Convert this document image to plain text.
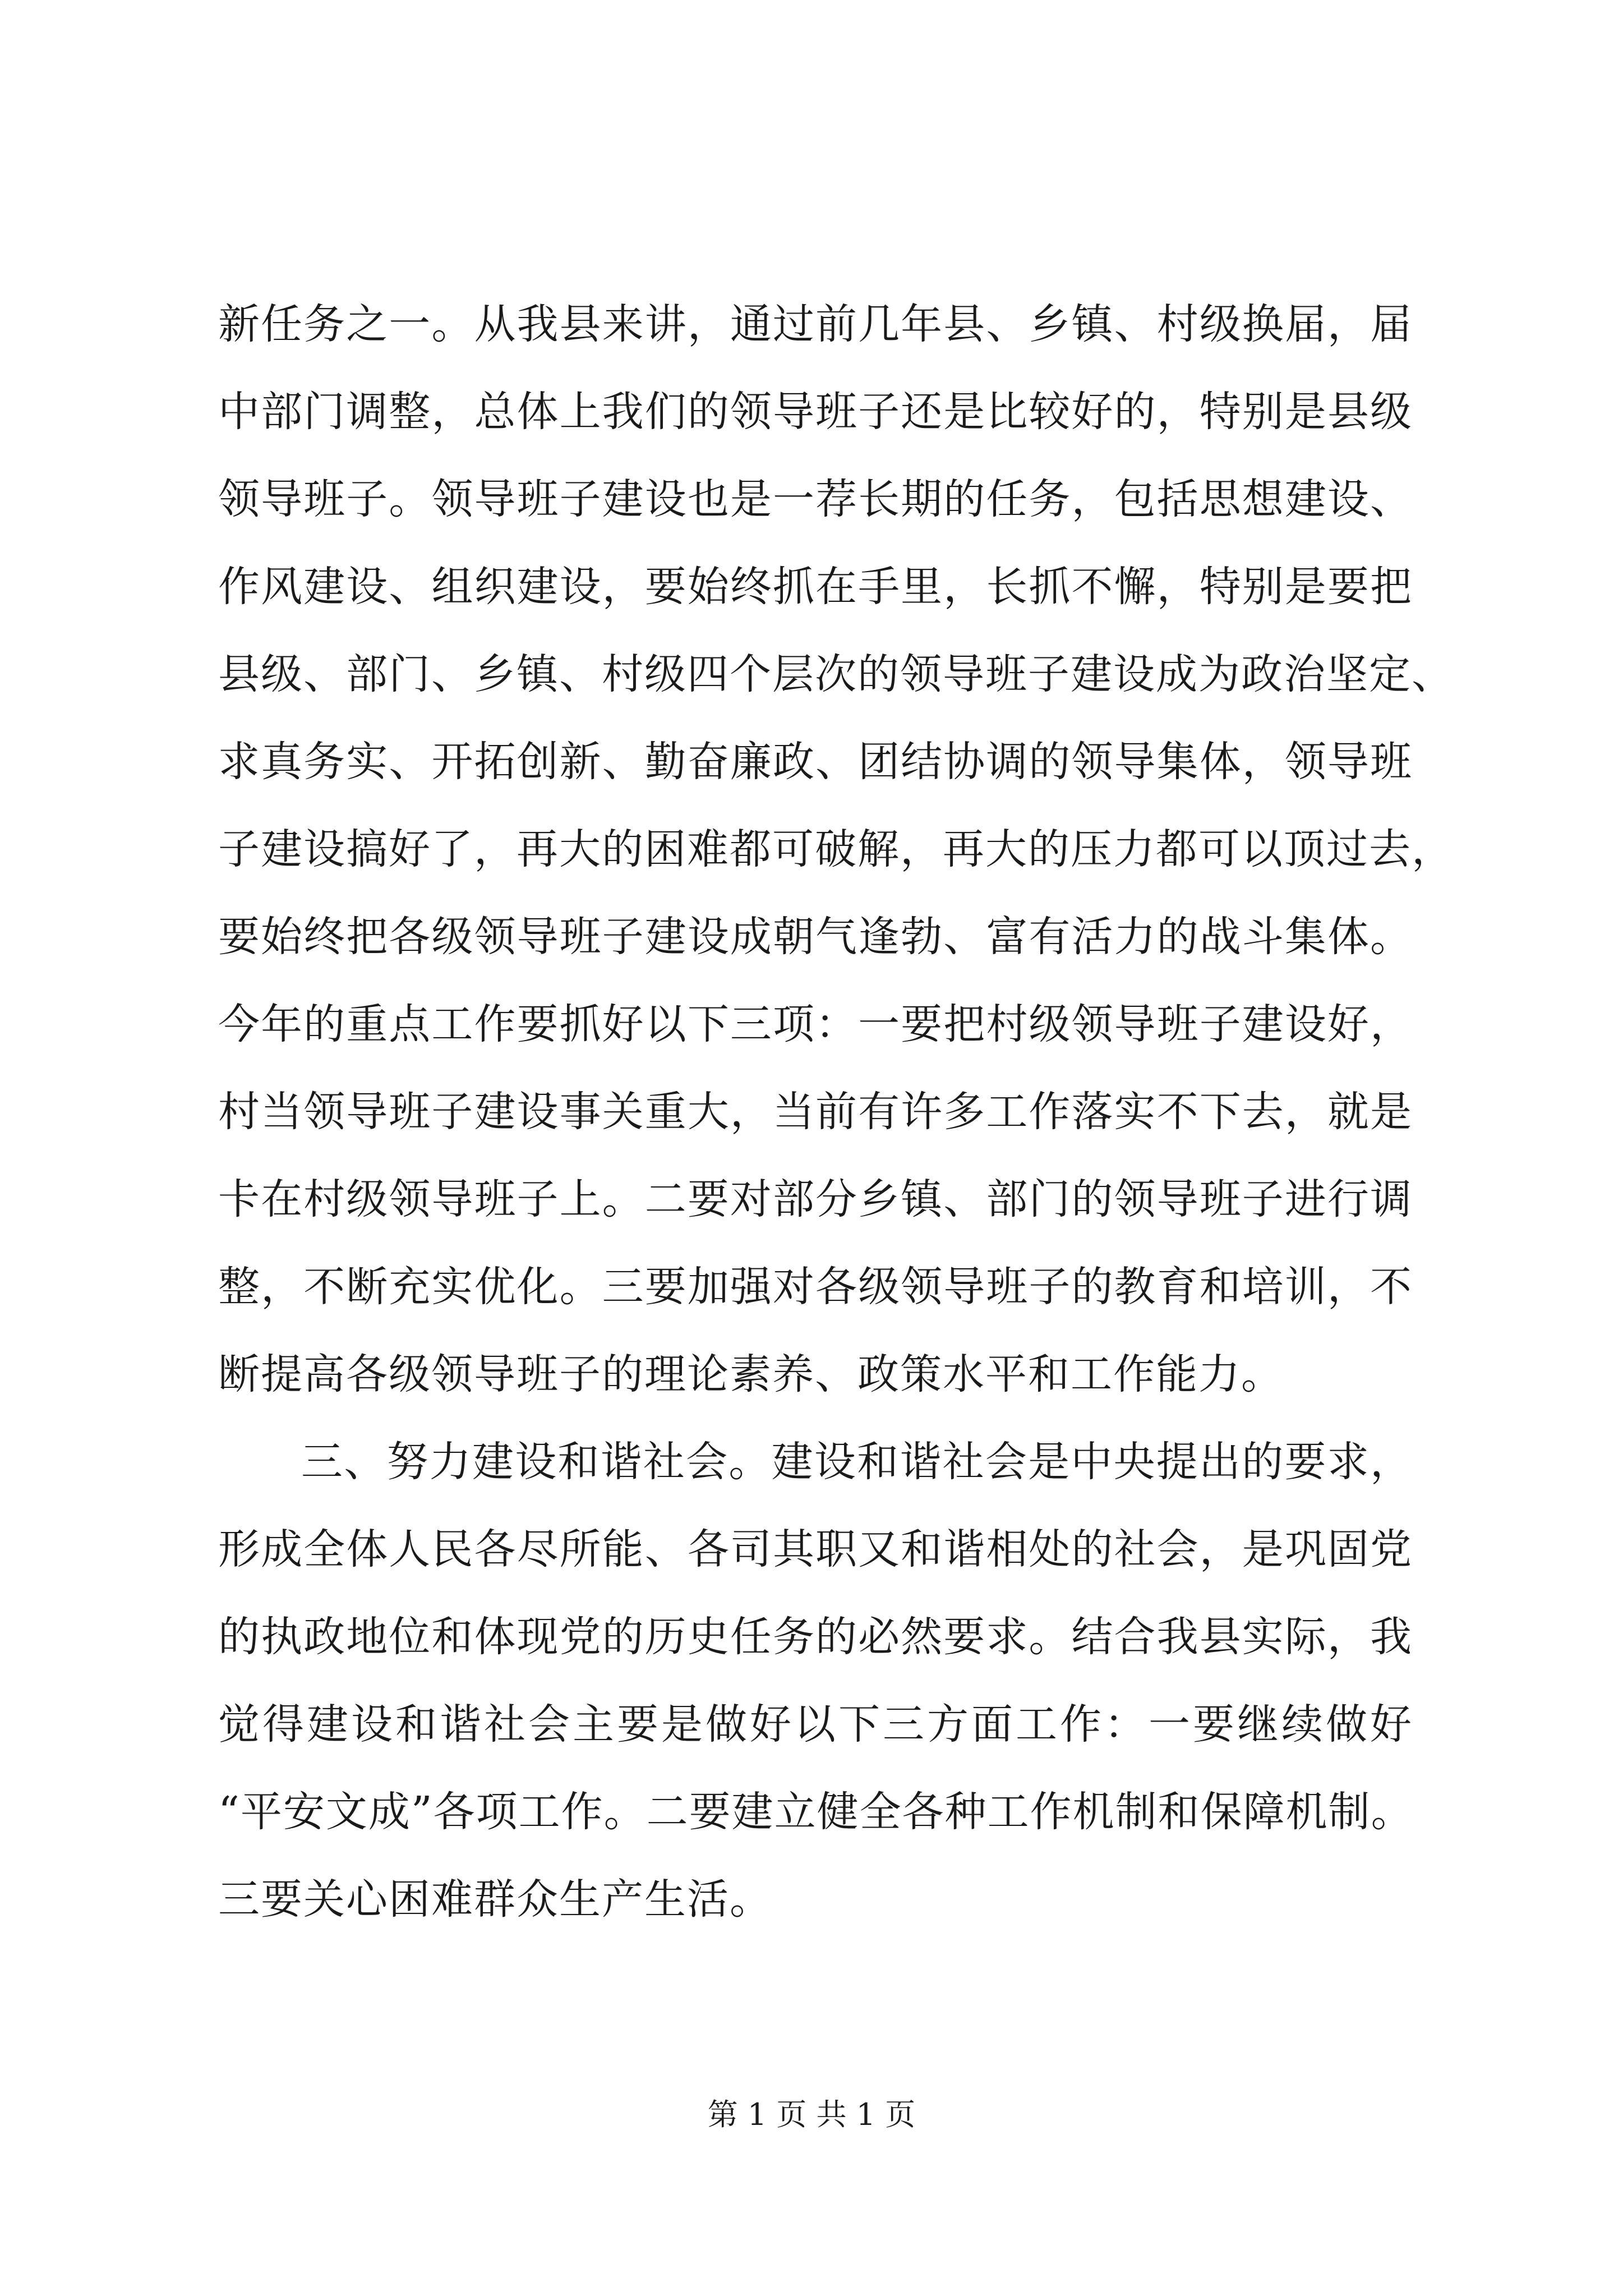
新任务之一。从我县来讲，通过前几年县、乡镇、村级换届，届
中部门调整，总体上我们的领导班子还是比较好的，特别是县级
领导班子。领导班子建设也是一荐长期的任务，包括思想建设、
作风建设、组织建设，要始终抓在手里，长抓不懈，特别是要把
县级、部门、乡镇、村级四个层次的领导班子建设成为政治坚定、
求真务实、开拓创新、勤奋廉政、团结协调的领导集体，领导班
子建设搞好了，再大的困难都可破解，再大的压力都可以顶过去，
要始终把各级领导班子建设成朝气逢勃、富有活力的战斗集体。
今年的重点工作要抓好以下三项：一要把村级领导班子建设好，
村当领导班子建设事关重大，当前有许多工作落实不下去，就是
卡在村级领导班子上。二要对部分乡镇、部门的领导班子进行调
整，不断充实优化。三要加强对各级领导班子的教育和培训，不
断提高各级领导班子的理论素养、政策水平和工作能力。
三、努力建设和谐社会。建设和谐社会是中央提出的要求，
形成全体人民各尽所能、各司其职又和谐相处的社会，是巩固党
的执政地位和体现党的历史任务的必然要求。结合我县实际，我
觉得建设和谐社会主要是做好以下三方面工作：一要继续做好
“平安文成”各项工作。二要建立健全各种工作机制和保障机制。
三要关心困难群众生产生活。
第 1 页 共 1 页
